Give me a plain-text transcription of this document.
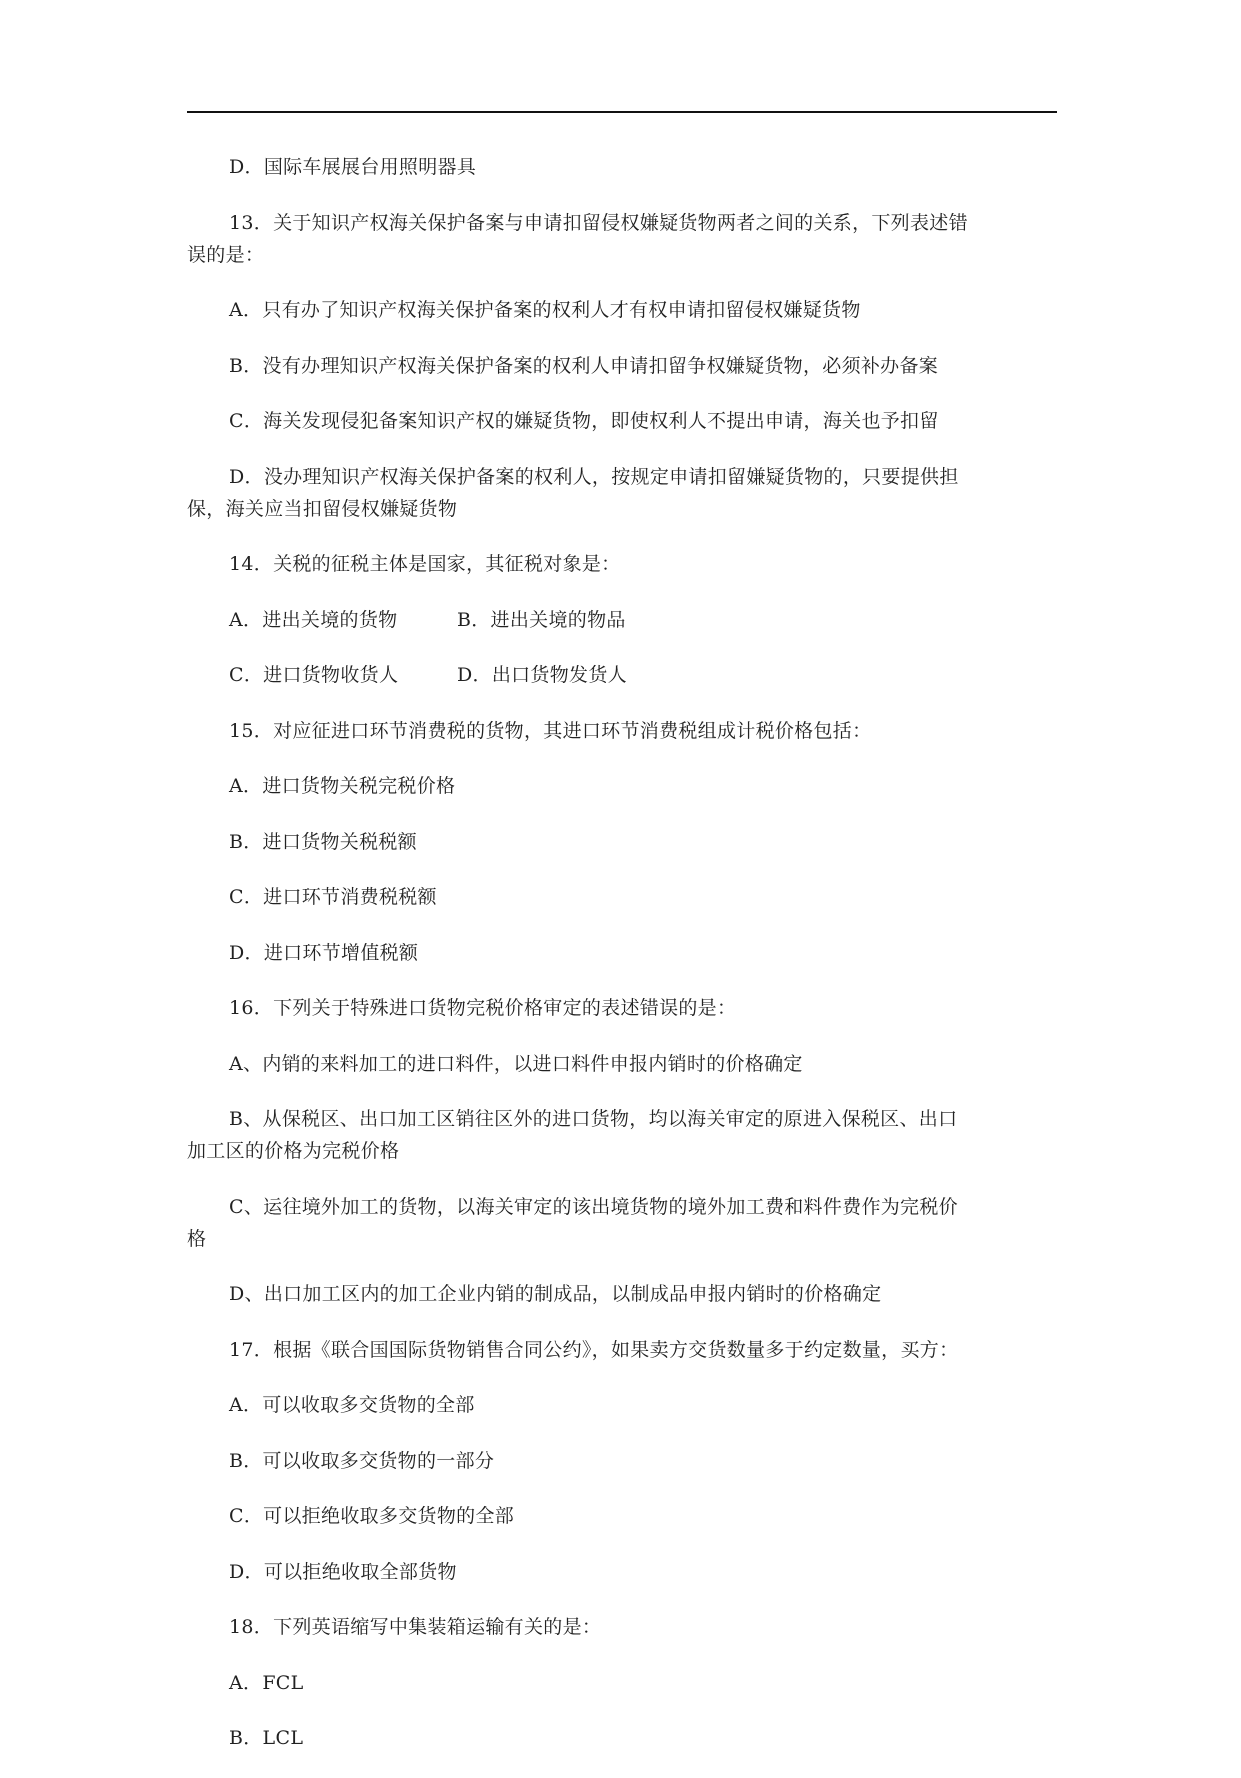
D．国际车展展台用照明器具

13．关于知识产权海关保护备案与申请扣留侵权嫌疑货物两者之间的关系，下列表述错
误的是：

A．只有办了知识产权海关保护备案的权利人才有权申请扣留侵权嫌疑货物

B．没有办理知识产权海关保护备案的权利人申请扣留争权嫌疑货物，必须补办备案

C．海关发现侵犯备案知识产权的嫌疑货物，即使权利人不提出申请，海关也予扣留

D．没办理知识产权海关保护备案的权利人，按规定申请扣留嫌疑货物的，只要提供担
保，海关应当扣留侵权嫌疑货物

14．关税的征税主体是国家，其征税对象是：

A．进出关境的货物	B．进出关境的物品
C．进口货物收货人	D．出口货物发货人

15．对应征进口环节消费税的货物，其进口环节消费税组成计税价格包括：

A．进口货物关税完税价格

B．进口货物关税税额

C．进口环节消费税税额

D．进口环节增值税额

16．下列关于特殊进口货物完税价格审定的表述错误的是：

A、内销的来料加工的进口料件，以进口料件申报内销时的价格确定

B、从保税区、出口加工区销往区外的进口货物，均以海关审定的原进入保税区、出口
加工区的价格为完税价格

C、运往境外加工的货物，以海关审定的该出境货物的境外加工费和料件费作为完税价
格

D、出口加工区内的加工企业内销的制成品，以制成品申报内销时的价格确定

17．根据《联合国国际货物销售合同公约》，如果卖方交货数量多于约定数量，买方：

A．可以收取多交货物的全部

B．可以收取多交货物的一部分

C．可以拒绝收取多交货物的全部

D．可以拒绝收取全部货物

18．下列英语缩写中集装箱运输有关的是：

A．FCL

B．LCL
